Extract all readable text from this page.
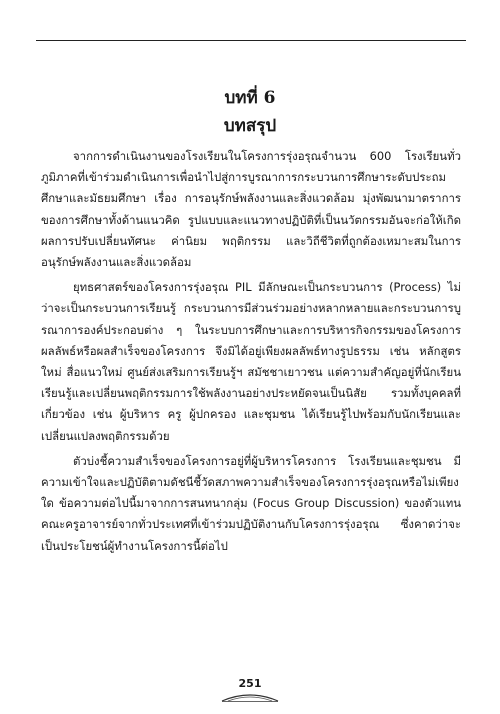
บทที่ 6
บทสรุป

จากการดำเนินงานของโรงเรียนในโครงการรุ่งอรุณจำนวน 600 โรงเรียนทั่วภูมิภาคที่เข้าร่วมดำเนินการเพื่อนำไปสู่การบูรณาการกระบวนการศึกษาระดับประถมศึกษาและมัธยมศึกษา เรื่อง การอนุรักษ์พลังงานและสิ่งแวดล้อม มุ่งพัฒนามาตราการของการศึกษาทั้งด้านแนวคิด รูปแบบและแนวทางปฏิบัติที่เป็นนวัตกรรมอันจะก่อให้เกิดผลการปรับเปลี่ยนทัศนะ ค่านิยม พฤติกรรม และวิถีชีวิตที่ถูกต้องเหมาะสมในการอนุรักษ์พลังงานและสิ่งแวดล้อม

ยุทธศาสตร์ของโครงการรุ่งอรุณ PIL มีลักษณะเป็นกระบวนการ (Process) ไม่ว่าจะเป็นกระบวนการเรียนรู้ กระบวนการมีส่วนร่วมอย่างหลากหลายและกระบวนการบูรณาการองค์ประกอบต่าง ๆ ในระบบการศึกษาและการบริหารกิจกรรมของโครงการ ผลลัพธ์หรือผลสำเร็จของโครงการ จึงมิได้อยู่เพียงผลลัพธ์ทางรูปธรรม เช่น หลักสูตรใหม่ สื่อแนวใหม่ ศูนย์ส่งเสริมการเรียนรู้ฯ สมัชชาเยาวชน แต่ความสำคัญอยู่ที่นักเรียนเรียนรู้และเปลี่ยนพฤติกรรมการใช้พลังงานอย่างประหยัดจนเป็นนิสัย รวมทั้งบุคคลที่เกี่ยวข้อง เช่น ผู้บริหาร ครู ผู้ปกครอง และชุมชน ได้เรียนรู้ไปพร้อมกับนักเรียนและเปลี่ยนแปลงพฤติกรรมด้วย

ตัวบ่งชี้ความสำเร็จของโครงการอยู่ที่ผู้บริหารโครงการ โรงเรียนและชุมชน มีความเข้าใจและปฏิบัติตามดัชนีชี้วัดสภาพความสำเร็จของโครงการรุ่งอรุณหรือไม่เพียงใด ข้อความต่อไปนี้มาจากการสนทนากลุ่ม (Focus Group Discussion) ของตัวแทนคณะครูอาจารย์จากทั่วประเทศที่เข้าร่วมปฏิบัติงานกับโครงการรุ่งอรุณ ซึ่งคาดว่าจะเป็นประโยชน์ผู้ทำงานโครงการนี้ต่อไป

251
